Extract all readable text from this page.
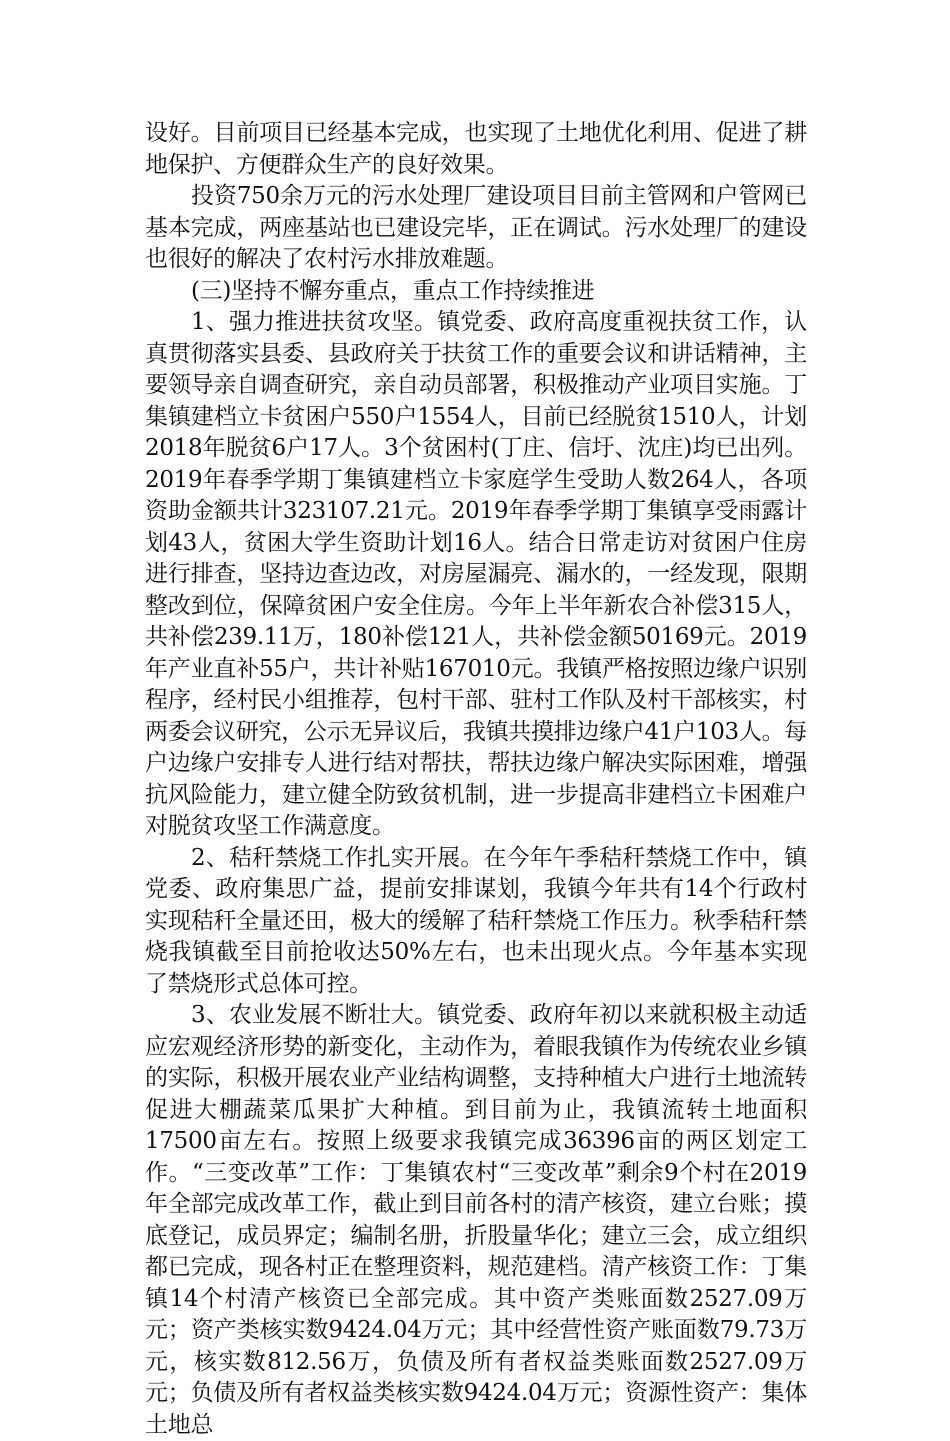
设好。目前项目已经基本完成，也实现了土地优化利用、促进了耕地保护、方便群众生产的良好效果。

投资750余万元的污水处理厂建设项目目前主管网和户管网已基本完成，两座基站也已建设完毕，正在调试。污水处理厂的建设也很好的解决了农村污水排放难题。

(三)坚持不懈夯重点，重点工作持续推进

1、强力推进扶贫攻坚。镇党委、政府高度重视扶贫工作，认真贯彻落实县委、县政府关于扶贫工作的重要会议和讲话精神，主要领导亲自调查研究，亲自动员部署，积极推动产业项目实施。丁集镇建档立卡贫困户550户1554人，目前已经脱贫1510人，计划2018年脱贫6户17人。3个贫困村(丁庄、信圩、沈庄)均已出列。2019年春季学期丁集镇建档立卡家庭学生受助人数264人，各项资助金额共计323107.21元。2019年春季学期丁集镇享受雨露计划43人，贫困大学生资助计划16人。结合日常走访对贫困户住房进行排查，坚持边查边改，对房屋漏亮、漏水的，一经发现，限期整改到位，保障贫困户安全住房。今年上半年新农合补偿315人，共补偿239.11万，180补偿121人，共补偿金额50169元。2019年产业直补55户，共计补贴167010元。我镇严格按照边缘户识别程序，经村民小组推荐，包村干部、驻村工作队及村干部核实，村两委会议研究，公示无异议后，我镇共摸排边缘户41户103人。每户边缘户安排专人进行结对帮扶，帮扶边缘户解决实际困难，增强抗风险能力，建立健全防致贫机制，进一步提高非建档立卡困难户对脱贫攻坚工作满意度。

2、秸秆禁烧工作扎实开展。在今年午季秸秆禁烧工作中，镇党委、政府集思广益，提前安排谋划，我镇今年共有14个行政村实现秸秆全量还田，极大的缓解了秸秆禁烧工作压力。秋季秸秆禁烧我镇截至目前抢收达50%左右，也未出现火点。今年基本实现了禁烧形式总体可控。

3、农业发展不断壮大。镇党委、政府年初以来就积极主动适应宏观经济形势的新变化，主动作为，着眼我镇作为传统农业乡镇的实际，积极开展农业产业结构调整，支持种植大户进行土地流转促进大棚蔬菜瓜果扩大种植。到目前为止，我镇流转土地面积17500亩左右。按照上级要求我镇完成36396亩的两区划定工作。“三变改革”工作：丁集镇农村“三变改革”剩余9个村在2019年全部完成改革工作，截止到目前各村的清产核资，建立台账；摸底登记，成员界定；编制名册，折股量华化；建立三会，成立组织都已完成，现各村正在整理资料，规范建档。清产核资工作：丁集镇14个村清产核资已全部完成。其中资产类账面数2527.09万元；资产类核实数9424.04万元；其中经营性资产账面数79.73万元，核实数812.56万，负债及所有者权益类账面数2527.09万元；负债及所有者权益类核实数9424.04万元；资源性资产：集体土地总
